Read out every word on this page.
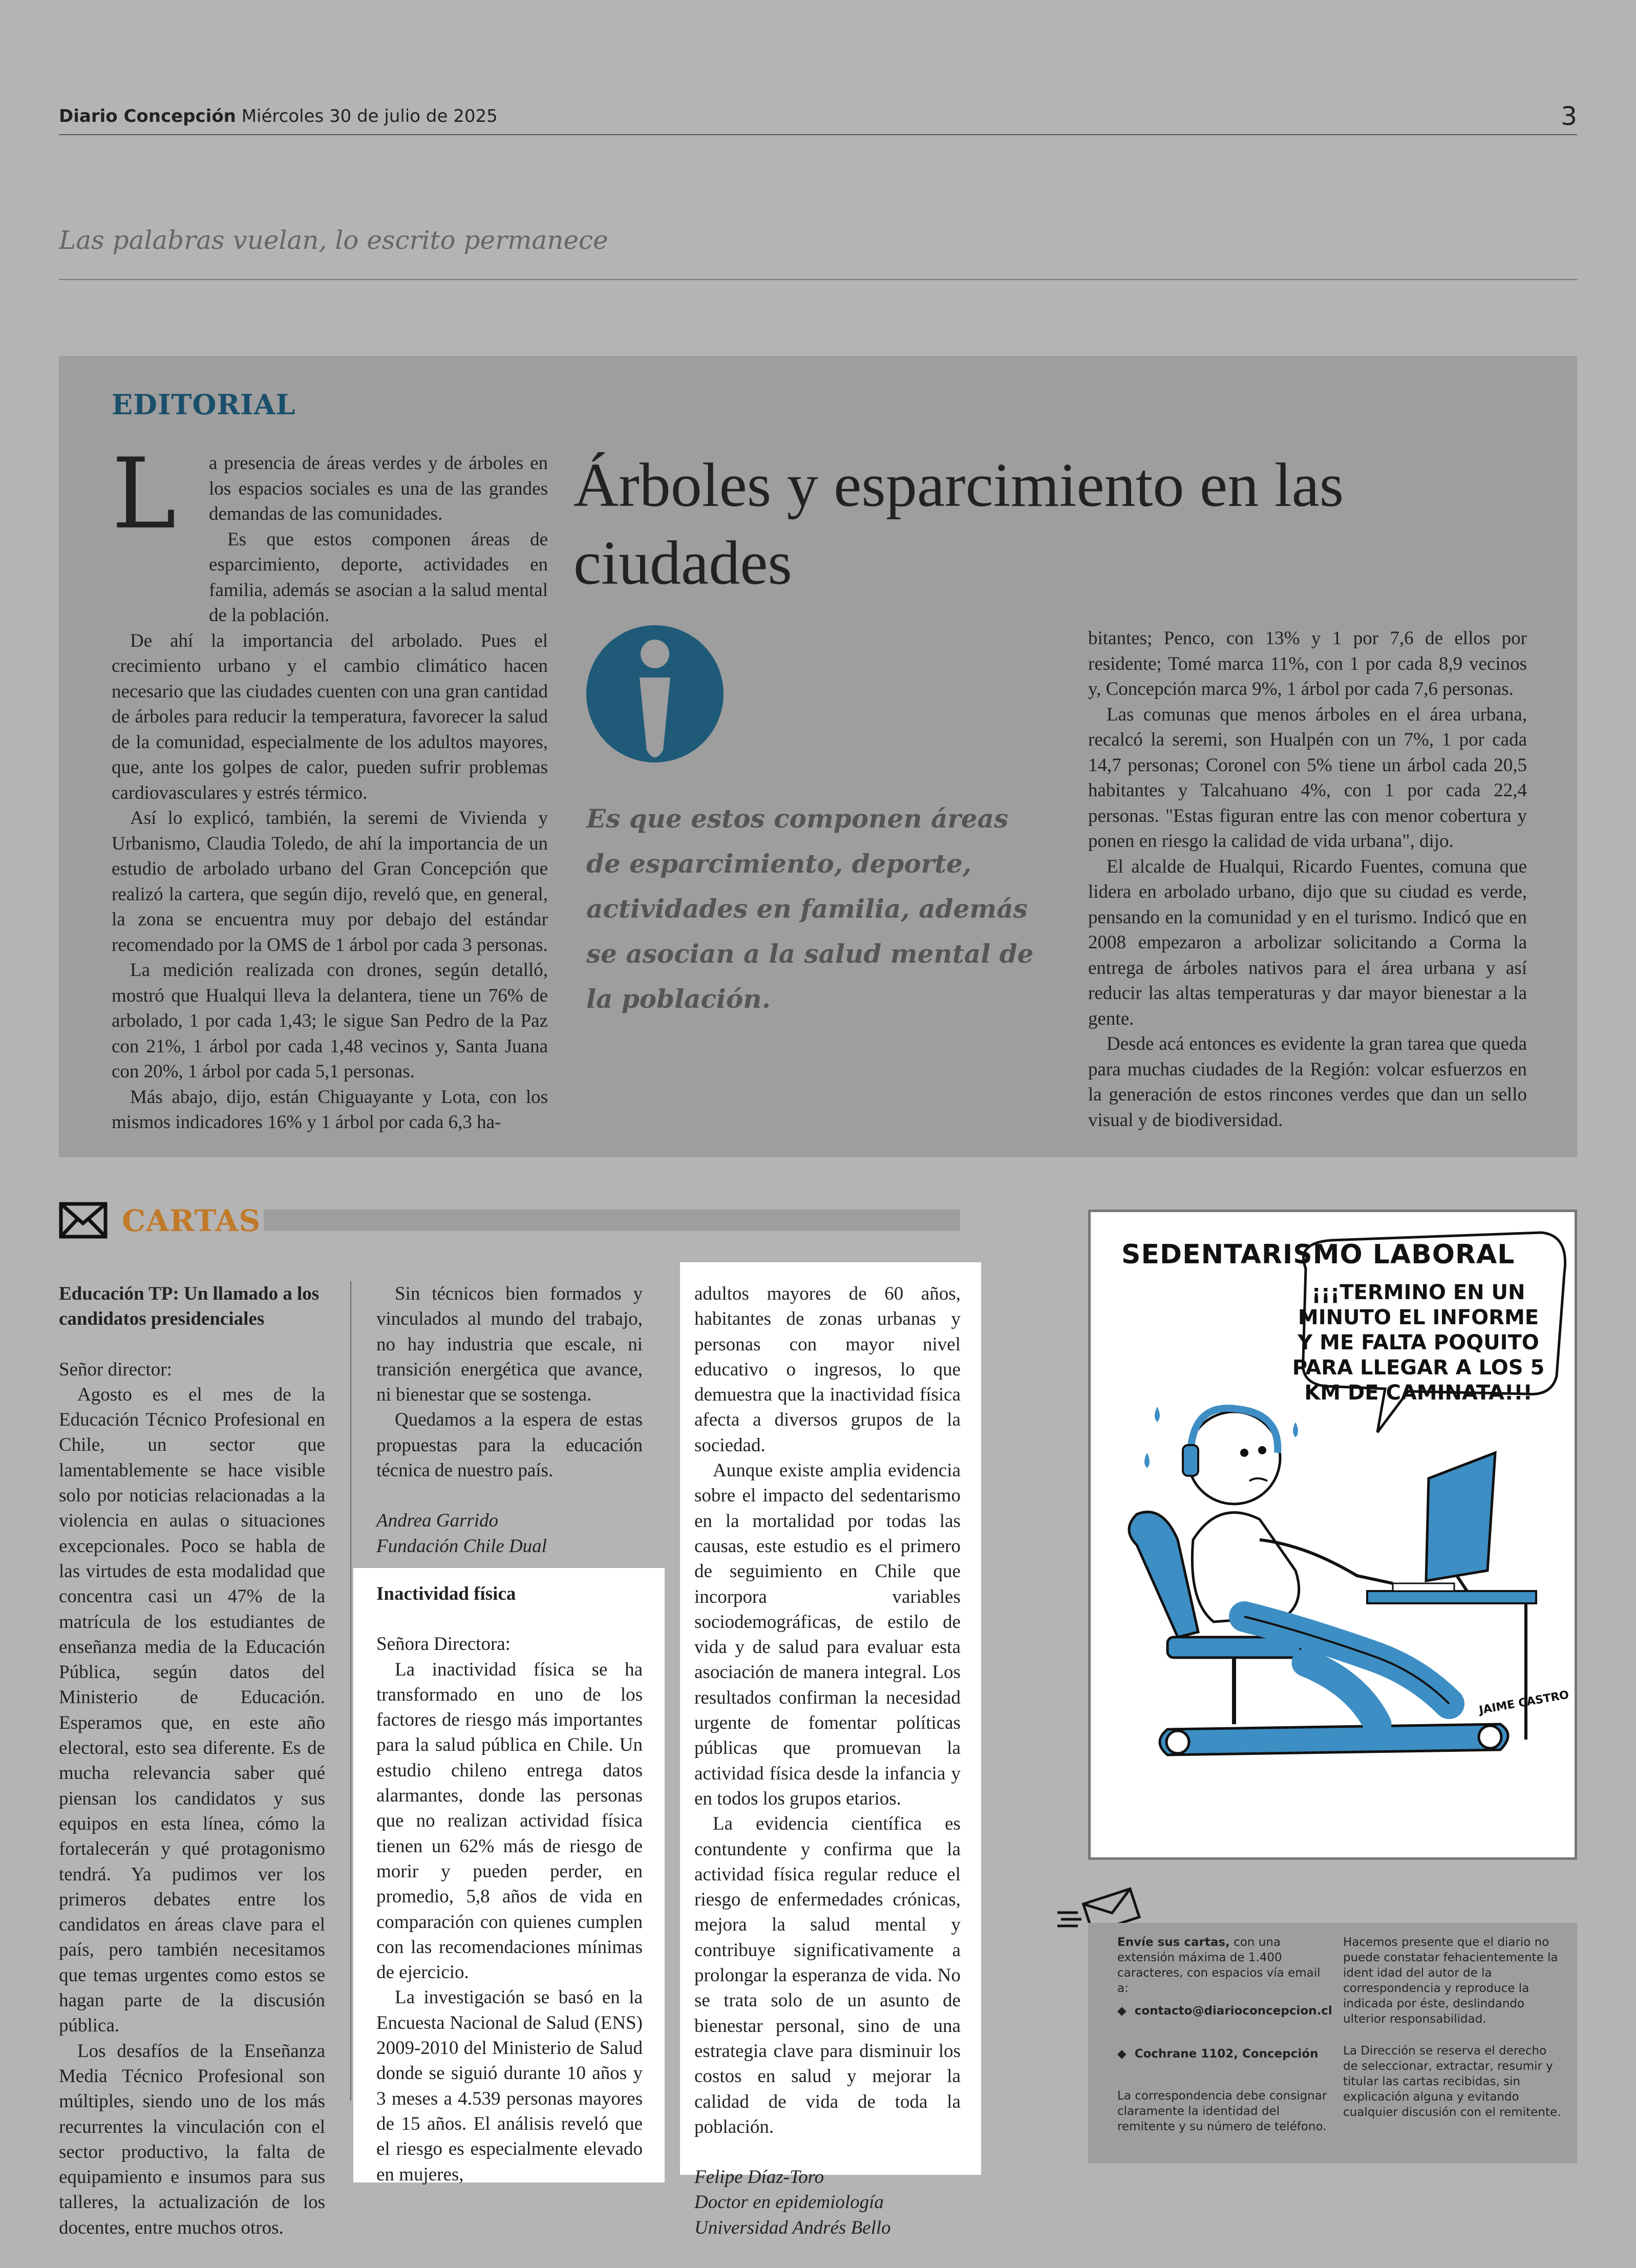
Diario Concepción Miércoles 30 de julio de 2025	3
Las palabras vuelan, lo escrito permanece
EDITORIAL
L	a presencia de áreas verdes y de árboles en los espacios sociales es una de las grandes demandas de las comunidades.

Es que estos componen áreas de esparcimiento, deporte, actividades en familia, además se asocian a la salud mental de la población.

De ahí la importancia del arbolado. Pues el crecimiento urbano y el cambio climático hacen necesario que las ciudades cuenten con una gran cantidad de árboles para reducir la temperatura, favorecer la salud de la comunidad, especialmente de los adultos mayores, que, ante los golpes de calor, pueden sufrir problemas cardiovasculares y estrés térmico.

Así lo explicó, también, la seremi de Vivienda y Urbanismo, Claudia Toledo, de ahí la importancia de un estudio de arbolado urbano del Gran Concepción que realizó la cartera, que según dijo, reveló que, en general, la zona se encuentra muy por debajo del estándar recomendado por la OMS de 1 árbol por cada 3 personas.

La medición realizada con drones, según detalló, mostró que Hualqui lleva la delantera, tiene un 76% de arbolado, 1 por cada 1,43; le sigue San Pedro de la Paz con 21%, 1 árbol por cada 1,48 vecinos y, Santa Juana con 20%, 1 árbol por cada 5,1 personas.

Más abajo, dijo, están Chiguayante y Lota, con los mismos indicadores 16% y 1 árbol por cada 6,3 ha-

Árboles y esparcimiento en las ciudades
Es que estos componen áreas de esparcimiento, deporte, actividades en familia, además se asocian a la salud mental de la población.

bitantes; Penco, con 13% y 1 por 7,6 de ellos por residente; Tomé marca 11%, con 1 por cada 8,9 vecinos y, Concepción marca 9%, 1 árbol por cada 7,6 personas.

Las comunas que menos árboles en el área urbana, recalcó la seremi, son Hualpén con un 7%, 1 por cada 14,7 personas; Coronel con 5% tiene un árbol cada 20,5 habitantes y Talcahuano 4%, con 1 por cada 22,4 personas. "Estas figuran entre las con menor cobertura y ponen en riesgo la calidad de vida urbana", dijo.

El alcalde de Hualqui, Ricardo Fuentes, comuna que lidera en arbolado urbano, dijo que su ciudad es verde, pensando en la comunidad y en el turismo. Indicó que en 2008 empezaron a arbolizar solicitando a Corma la entrega de árboles nativos para el área urbana y así reducir las altas temperaturas y dar mayor bienestar a la gente.

Desde acá entonces es evidente la gran tarea que queda para muchas ciudades de la Región: volcar esfuerzos en la generación de estos rincones verdes que dan un sello visual y de biodiversidad.

CARTAS

Educación TP: Un llamado a los candidatos presidenciales

Señor director:

Agosto es el mes de la Educación Técnico Profesional en Chile, un sector que lamentablemente se hace visible solo por noticias relacionadas a la violencia en aulas o situaciones excepcionales. Poco se habla de las virtudes de esta modalidad que concentra casi un 47% de la matrícula de los estudiantes de enseñanza media de la Educación Pública, según datos del Ministerio de Educación. Esperamos que, en este año electoral, esto sea diferente. Es de mucha relevancia saber qué piensan los candidatos y sus equipos en esta línea, cómo la fortalecerán y qué protagonismo tendrá. Ya pudimos ver los primeros debates entre los candidatos en áreas clave para el país, pero también necesitamos que temas urgentes como estos se hagan parte de la discusión pública.

Los desafíos de la Enseñanza Media Técnico Profesional son múltiples, siendo uno de los más recurrentes la vinculación con el sector productivo, la falta de equipamiento e insumos para sus talleres, la actualización de los docentes, entre muchos otros.

Sin técnicos bien formados y vinculados al mundo del trabajo, no hay industria que escale, ni transición energética que avance, ni bienestar que se sostenga.

Quedamos a la espera de estas propuestas para la educación técnica de nuestro país.

Andrea Garrido

Fundación Chile Dual

Inactividad física

Señora Directora:

La inactividad física se ha transformado en uno de los factores de riesgo más importantes para la salud pública en Chile. Un estudio chileno entrega datos alarmantes, donde las personas que no realizan actividad física tienen un 62% más de riesgo de morir y pueden perder, en promedio, 5,8 años de vida en comparación con quienes cumplen con las recomendaciones mínimas de ejercicio.

La investigación se basó en la Encuesta Nacional de Salud (ENS) 2009-2010 del Ministerio de Salud donde se siguió durante 10 años y 3 meses a 4.539 personas mayores de 15 años. El análisis reveló que el riesgo es especialmente elevado en mujeres,

adultos mayores de 60 años, habitantes de zonas urbanas y personas con mayor nivel educativo o ingresos, lo que demuestra que la inactividad física afecta a diversos grupos de la sociedad.

Aunque existe amplia evidencia sobre el impacto del sedentarismo en la mortalidad por todas las causas, este estudio es el primero de seguimiento en Chile que incorpora variables sociodemográficas, de estilo de vida y de salud para evaluar esta asociación de manera integral. Los resultados confirman la necesidad urgente de fomentar políticas públicas que promuevan la actividad física desde la infancia y en todos los grupos etarios.

La evidencia científica es contundente y confirma que la actividad física regular reduce el riesgo de enfermedades crónicas, mejora la salud mental y contribuye significativamente a prolongar la esperanza de vida. No se trata solo de un asunto de bienestar personal, sino de una estrategia clave para disminuir los costos en salud y mejorar la calidad de vida de toda la población.

Felipe Díaz-Toro

Doctor en epidemiología

Universidad Andrés Bello

JAIME CASTRO
SEDENTARISMO LABORAL
¡¡¡TERMINO EN UN MINUTO EL INFORME Y ME FALTA POQUITO PARA LLEGAR A LOS 5 KM DE CAMINATA!!!
Envíe sus cartas, con una extensión máxima de 1.400 caracteres, con espacios vía email a:
◆  contacto@diarioconcepcion.cl
◆  Cochrane 1102, Concepción
La correspondencia debe consignar claramente la identidad del remitente y su número de teléfono.
Hacemos presente que el diario no puede constatar fehacientemente la ident idad del autor de la correspondencia y reproduce la indicada por éste, deslindando ulterior responsabilidad.
La Dirección se reserva el derecho de seleccionar, extractar, resumir y titular las cartas recibidas, sin explicación alguna y evitando cualquier discusión con el remitente.
